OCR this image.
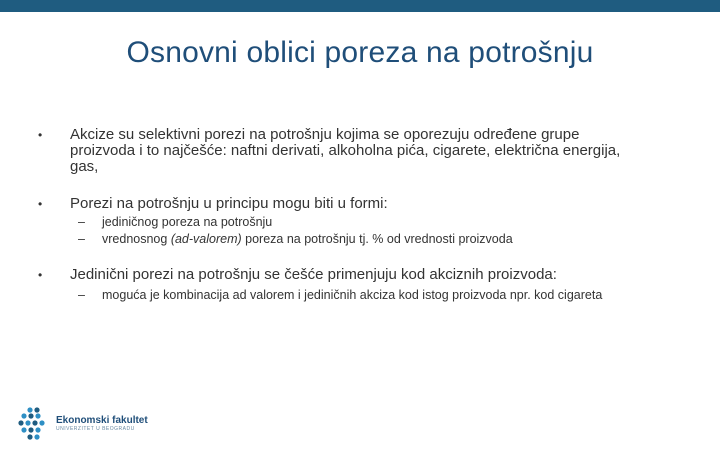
Osnovni oblici poreza na potrošnju
• Akcize su selektivni porezi na potrošnju kojima se oporezuju određene grupe
proizvoda i to najčešće: naftni derivati, alkoholna pića, cigarete, električna energija,
gas,
• Porezi na potrošnju u principu mogu biti u formi:
– jediničnog poreza na potrošnju
– vrednosnog (ad-valorem) poreza na potrošnju tj. % od vrednosti proizvoda
• Jedinični porezi na potrošnju se češće primenjuju kod akciznih proizvoda:
– moguća je kombinacija ad valorem i jediničnih akciza kod istog proizvoda npr. kod cigareta
Ekonomski fakultet
UNIVERZITET U BEOGRADU
